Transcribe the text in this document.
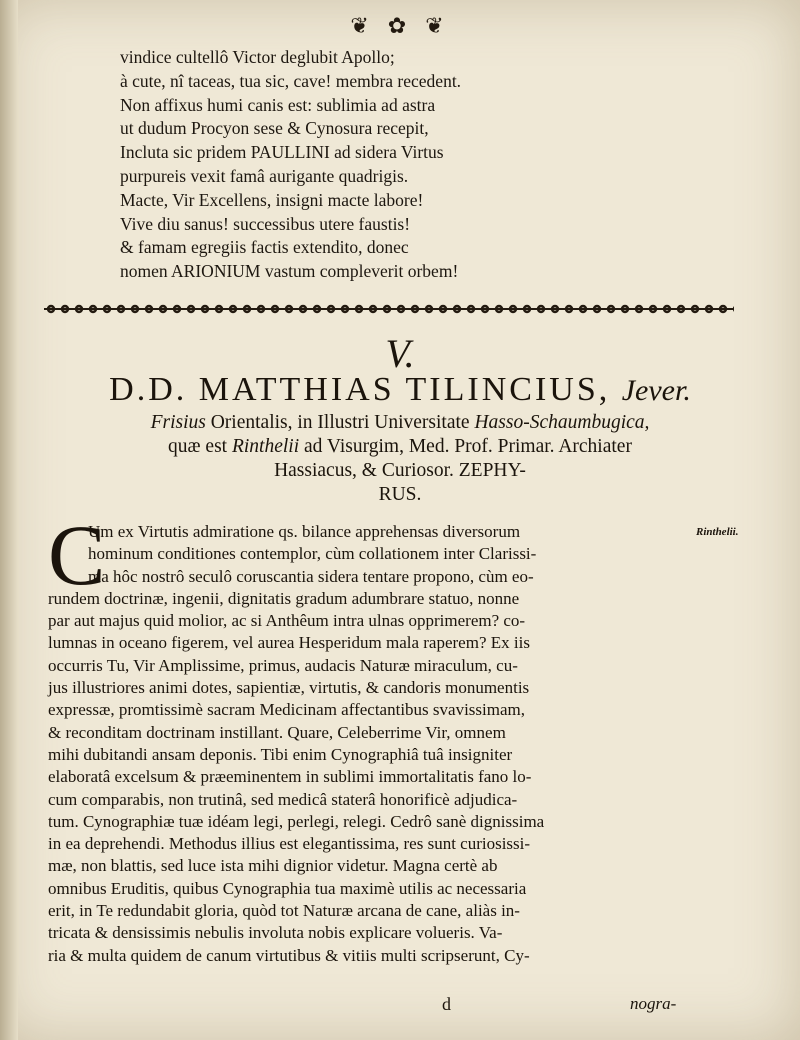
❦ ✿ ❦
vindice cultellô Victor deglubit Apollo;
à cute, nî taceas, tua sic, cave! membra recedent.
Non affixus humi canis est: sublimia ad astra
ut dudum Procyon sese & Cynosura recepit,
Incluta sic pridem PAULLINI ad sidera Virtus
purpureis vexit famâ aurigante quadrigis.
Macte, Vir Excellens, insigni macte labore!
Vive diu sanus! successibus utere faustis!
& famam egregiis factis extendito, donec
nomen ARIONIUM vastum compleverit orbem!
V.
D.D. MATTHIAS TILINCIUS, Jever.
Frisius Orientalis, in Illustri Universitate Hasso-Schaumbugica,
quæ est Rinthelii ad Visurgim, Med. Prof. Primar. Archiater
Hassiacus, & Curiosor. ZEPHY-
RUS.
Rinthelii.
C
Um ex Virtutis admiratione qs. bilance apprehensas diversorum
hominum conditiones contemplor, cùm collationem inter Clarissi-
ma hôc nostrô seculô coruscantia sidera tentare propono, cùm eo-
rundem doctrinæ, ingenii, dignitatis gradum adumbrare statuo, nonne
par aut majus quid molior, ac si Anthêum intra ulnas opprimerem? co-
lumnas in oceano figerem, vel aurea Hesperidum mala raperem? Ex iis
occurris Tu, Vir Amplissime, primus, audacis Naturæ miraculum, cu-
jus illustriores animi dotes, sapientiæ, virtutis, & candoris monumentis
expressæ, promtissimè sacram Medicinam affectantibus svavissimam,
& reconditam doctrinam instillant. Quare, Celeberrime Vir, omnem
mihi dubitandi ansam deponis. Tibi enim Cynographiâ tuâ insigniter
elaboratâ excelsum & præeminentem in sublimi immortalitatis fano lo-
cum comparabis, non trutinâ, sed medicâ staterâ honorificè adjudica-
tum. Cynographiæ tuæ idéam legi, perlegi, relegi. Cedrô sanè dignissima
in ea deprehendi. Methodus illius est elegantissima, res sunt curiosissi-
mæ, non blattis, sed luce ista mihi dignior videtur. Magna certè ab
omnibus Eruditis, quibus Cynographia tua maximè utilis ac necessaria
erit, in Te redundabit gloria, quòd tot Naturæ arcana de cane, aliàs in-
tricata & densissimis nebulis involuta nobis explicare volueris. Va-
ria & multa quidem de canum virtutibus & vitiis multi scripserunt, Cy-
d	nogra-
